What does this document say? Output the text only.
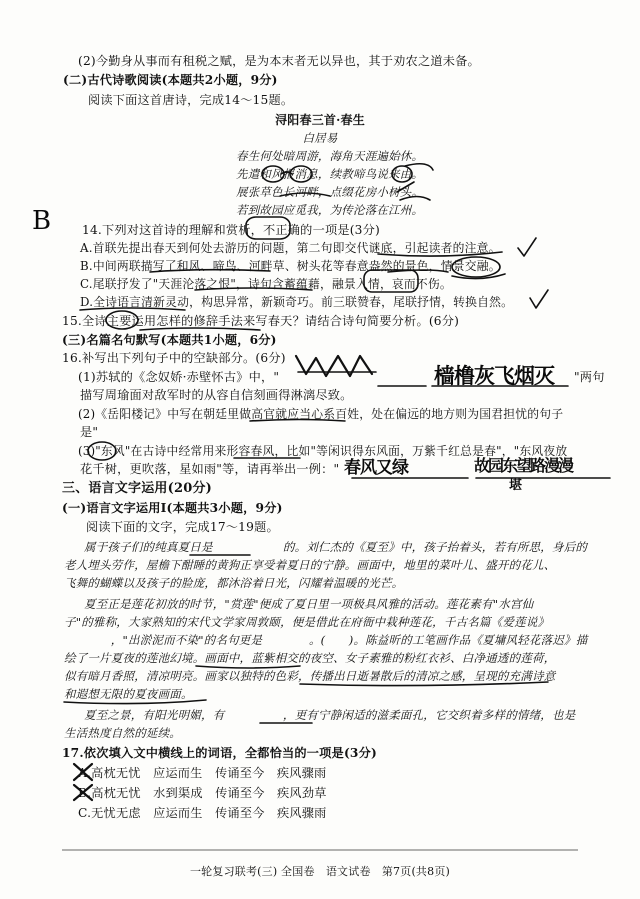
(2)今勤身从事而有租税之赋，是为本末者无以异也，其于劝农之道未备。
(二)古代诗歌阅读(本题共2小题，9分)
阅读下面这首唐诗，完成14～15题。
浔阳春三首·春生
白居易
春生何处暗周游，海角天涯遍始休。
先遣和风报消息，续教啼鸟说来由。
展张草色长河畔，点缀花房小树头。
若到故园应觅我，为传沦落在江州。
14.下列对这首诗的理解和赏析，不正确的一项是(3分)
A.首联先提出春天到何处去游历的问题，第二句即交代谜底，引起读者的注意。
B.中间两联描写了和风、啼鸟、河畔草、树头花等春意盎然的景色，情景交融。
C.尾联抒发了"天涯沦落之恨"，诗句含蓄蕴藉，融景入情，哀而不伤。
D.全诗语言清新灵动，构思异常，新颖奇巧。前三联赞春，尾联抒情，转换自然。
15.全诗主要运用怎样的修辞手法来写春天？请结合诗句简要分析。(6分)
(三)名篇名句默写(本题共1小题，6分)
16.补写出下列句子中的空缺部分。(6分)
(1)苏轼的《念奴娇·赤壁怀古》中，"	"两句
描写周瑜面对敌军时的从容自信刻画得淋漓尽致。
(2)《岳阳楼记》中写在朝廷里做高官就应当心系百姓，处在偏远的地方则为国君担忧的句子
是"
(3)"东风"在古诗中经常用来形容春风，比如"等闲识得东风面，万紫千红总是春"，"东风夜放
花千树，更吹落，星如雨"等，请再举出一例："
三、语言文字运用(20分)
(一)语言文字运用Ⅰ(本题共3小题，9分)
阅读下面的文字，完成17～19题。
属于孩子们的纯真夏日是　　　　　　的。刘仁杰的《夏至》中，孩子抬着头，若有所思，身后的
老人埋头劳作，屋檐下酣睡的黄狗正享受着夏日的宁静。画面中，地里的菜叶儿、盛开的花儿、
飞舞的蝴蝶以及孩子的脸庞，都沐浴着日光，闪耀着温暖的光芒。
夏至正是莲花初放的时节，"赏莲"便成了夏日里一项极具风雅的活动。莲花素有"水宫仙
子"的雅称，大家熟知的宋代文学家周敦颐，便是借此在府衙中栽种莲花，千古名篇《爱莲说》
　　　　，"出淤泥而不染"的名句更是　　　　。(　　)。陈益昕的工笔画作品《夏墉风轻花落迟》描
绘了一片夏夜的莲池幻境。画面中，蓝紫相交的夜空、女子素雅的粉红衣衫、白净通透的莲荷，
似有暗月香照，清凉明亮。画家以独特的色彩，传播出日逝暑散后的清凉之感，呈现的充满诗意
和遐想无限的夏夜画面。
夏至之景，有阳光明媚，有　　　　　，更有宁静闲适的滋柔面孔，它交织着多样的情绪，也是
生活热度自然的延续。
17.依次填入文中横线上的词语，全都恰当的一项是(3分)
A.高枕无忧　应运而生　传诵至今　疾风骤雨
B.高枕无忧　水到渠成　传诵至今　疾风劲草
C.无忧无虑　应运而生　传诵至今　疾风骤雨
一轮复习联考(三) 全国卷　语文试卷　第7页(共8页)
B
樯橹灰飞烟灭
春风又绿	故园东望路漫漫
堪
